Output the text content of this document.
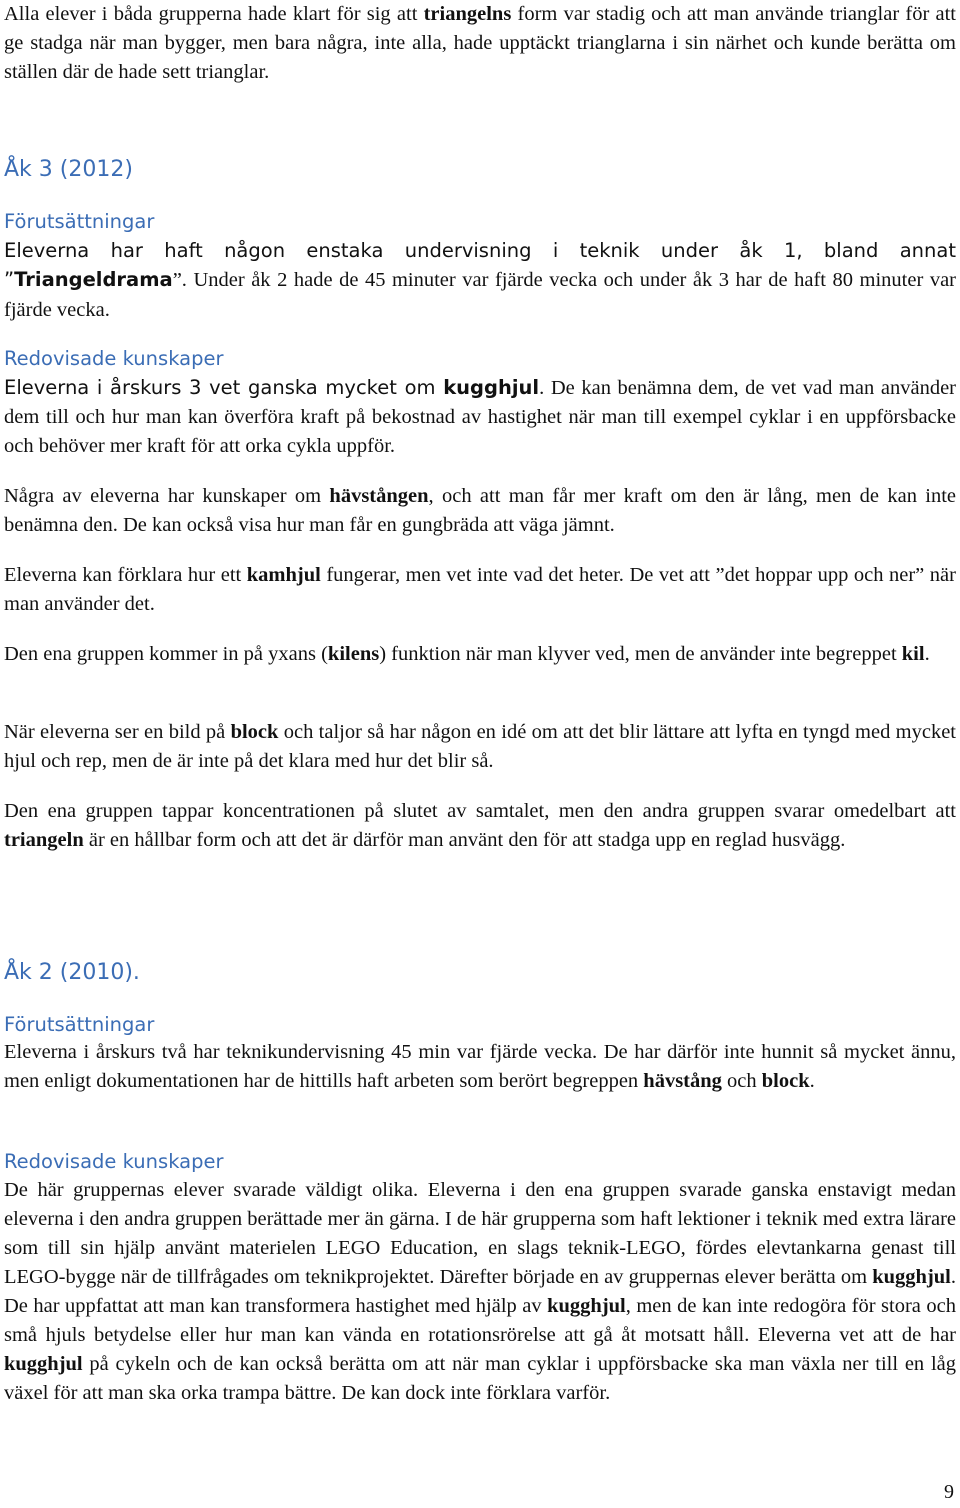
Alla elever i båda grupperna hade klart för sig att triangelns form var stadig och att man använde trianglar för att ge stadga när man bygger, men bara några, inte alla, hade upptäckt trianglarna i sin närhet och kunde berätta om ställen där de hade sett trianglar.

Åk 3 (2012)
Förutsättningar

Eleverna har haft någon enstaka undervisning i teknik under åk 1, bland annat ”Triangeldrama”. Under åk 2 hade de 45 minuter var fjärde vecka och under åk 3 har de haft 80 minuter var fjärde vecka.

Redovisade kunskaper

Eleverna i årskurs 3 vet ganska mycket om kugghjul. De kan benämna dem, de vet vad man använder dem till och hur man kan överföra kraft på bekostnad av hastighet när man till exempel cyklar i en uppförsbacke och behöver mer kraft för att orka cykla uppför.

Några av eleverna har kunskaper om hävstången, och att man får mer kraft om den är lång, men de kan inte benämna den. De kan också visa hur man får en gungbräda att väga jämnt.

Eleverna kan förklara hur ett kamhjul fungerar, men vet inte vad det heter. De vet att ”det hoppar upp och ner” när man använder det.

Den ena gruppen kommer in på yxans (kilens) funktion när man klyver ved, men de använder inte begreppet kil.

När eleverna ser en bild på block och taljor så har någon en idé om att det blir lättare att lyfta en tyngd med mycket hjul och rep, men de är inte på det klara med hur det blir så.

Den ena gruppen tappar koncentrationen på slutet av samtalet, men den andra gruppen svarar omedelbart att triangeln är en hållbar form och att det är därför man använt den för att stadga upp en reglad husvägg.

Åk 2 (2010).
Förutsättningar

Eleverna i årskurs två har teknikundervisning 45 min var fjärde vecka. De har därför inte hunnit så mycket ännu, men enligt dokumentationen har de hittills haft arbeten som berört begreppen hävstång och block.

Redovisade kunskaper

De här gruppernas elever svarade väldigt olika. Eleverna i den ena gruppen svarade ganska enstavigt medan eleverna i den andra gruppen berättade mer än gärna. I de här grupperna som haft lektioner i teknik med extra lärare som till sin hjälp använt materielen LEGO Education, en slags teknik-LEGO, fördes elevtankarna genast till LEGO-bygge när de tillfrågades om teknikprojektet. Därefter började en av gruppernas elever berätta om kugghjul. De har uppfattat att man kan transformera hastighet med hjälp av kugghjul, men de kan inte redogöra för stora och små hjuls betydelse eller hur man kan vända en rotationsrörelse att gå åt motsatt håll. Eleverna vet att de har kugghjul på cykeln och de kan också berätta om att när man cyklar i uppförsbacke ska man växla ner till en låg växel för att man ska orka trampa bättre. De kan dock inte förklara varför.

9
